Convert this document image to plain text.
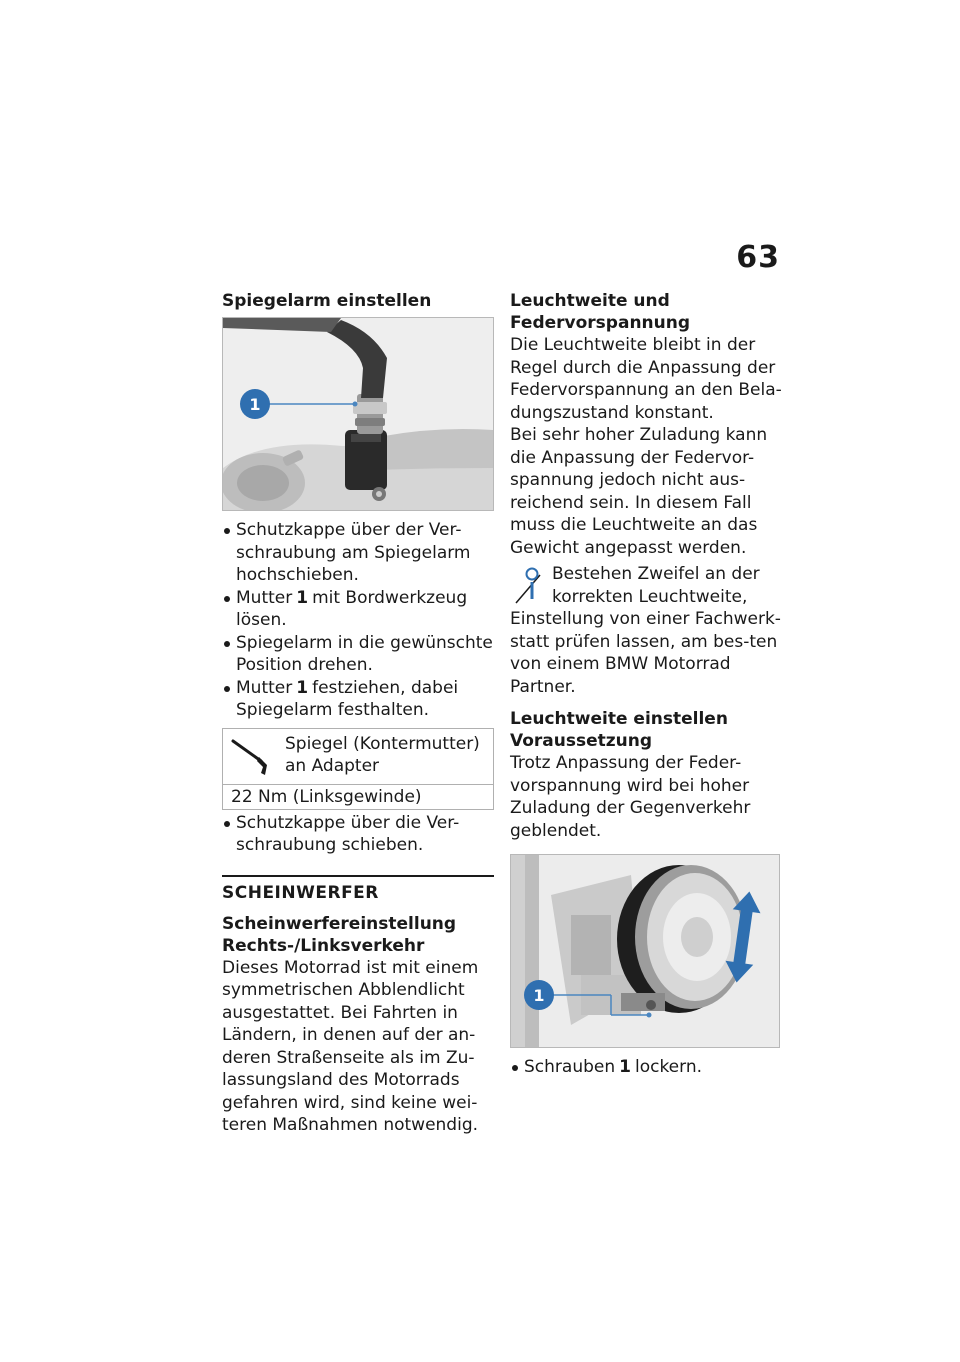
63
Spiegelarm einstellen
1
Schutzkappe über der Ver-schraubung am Spiegelarm hochschieben.
Mutter 1 mit Bordwerkzeug lösen.
Spiegelarm in die gewünschte Position drehen.
Mutter 1 festziehen, dabei Spiegelarm festhalten.
Spiegel (Kontermutter) an Adapter
22 Nm (Linksgewinde)
Schutzkappe über die Ver-schraubung schieben.
SCHEINWERFER
Scheinwerfereinstellung
Rechts-/Linksverkehr
Dieses Motorrad ist mit einem symmetrischen Abblendlicht ausgestattet. Bei Fahrten in Ländern, in denen auf der an-deren Straßenseite als im Zu-lassungsland des Motorrads gefahren wird, sind keine wei-teren Maßnahmen notwendig.
Leuchtweite und Federvorspannung
Die Leuchtweite bleibt in der Regel durch die Anpassung der Federvorspannung an den Bela-dungszustand konstant.
Bei sehr hoher Zuladung kann die Anpassung der Federvor-spannung jedoch nicht aus-reichend sein. In diesem Fall muss die Leuchtweite an das Gewicht angepasst werden.
Bestehen Zweifel an der
korrekten Leuchtweite,
Einstellung von einer Fachwerk-statt prüfen lassen, am bes-ten von einem BMW Motorrad Partner.
Leuchtweite einstellen
Voraussetzung
Trotz Anpassung der Feder-vorspannung wird bei hoher Zuladung der Gegenverkehr geblendet.
1
Schrauben 1 lockern.
